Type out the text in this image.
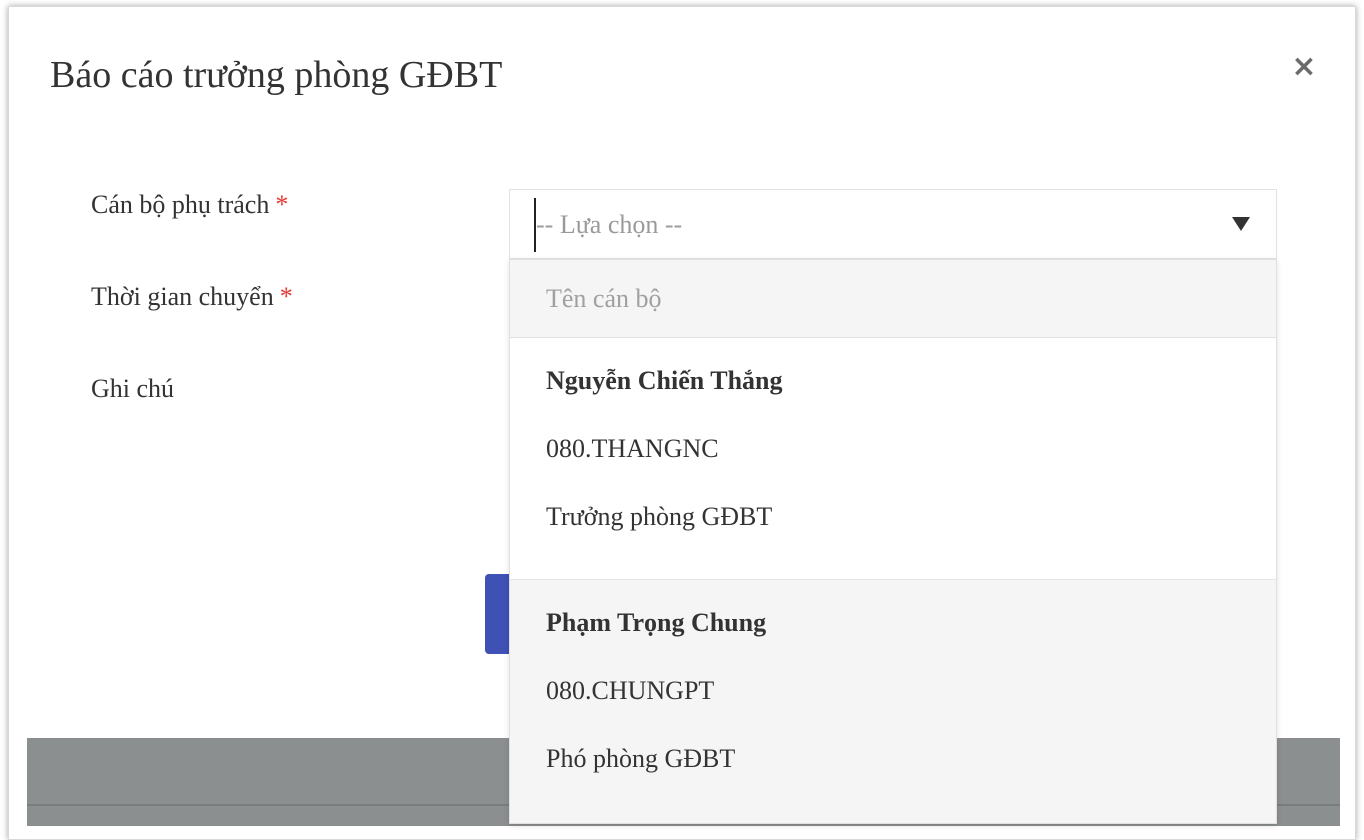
Báo cáo trưởng phòng GĐBT	×
Cán bộ phụ trách *
Thời gian chuyển *
Ghi chú
-- Lựa chọn --
Tên cán bộ
Nguyễn Chiến Thắng
080.THANGNC
Trưởng phòng GĐBT
Phạm Trọng Chung
080.CHUNGPT
Phó phòng GĐBT
